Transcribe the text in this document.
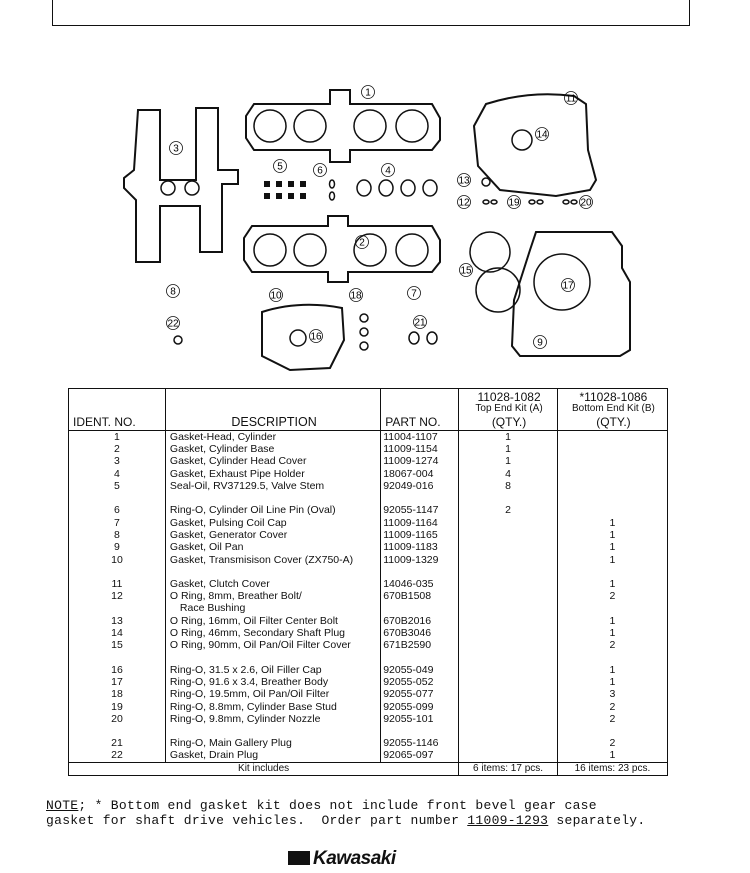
1
2
3
4
5	6
7
8
9
10
11
12
13
14
15
16
17
18
19	20
21
22
IDENT. NO.	DESCRIPTION	PART NO.	11028-1082
Top End Kit (A)
(QTY.)	*11028-1086
Bottom End Kit (B)
(QTY.)

1	Gasket-Head, Cylinder	11004-1107	1	
2	Gasket, Cylinder Base	11009-1154	1	
3	Gasket, Cylinder Head Cover	11009-1274	1	
4	Gasket, Exhaust Pipe Holder	18067-004	4	
5	Seal-Oil, RV37129.5, Valve Stem	92049-016	8	

6	Ring-O, Cylinder Oil Line Pin (Oval)	92055-1147	2	
7	Gasket, Pulsing Coil Cap	11009-1164		1
8	Gasket, Generator Cover	11009-1165		1
9	Gasket, Oil Pan	11009-1183		1
10	Gasket, Transmisison Cover (ZX750-A)	11009-1329		1

11	Gasket, Clutch Cover	14046-035		1
12	O Ring, 8mm, Breather Bolt/
Race Bushing	670B1508		2
13	O Ring, 16mm, Oil Filter Center Bolt	670B2016		1
14	O Ring, 46mm, Secondary Shaft Plug	670B3046		1
15	O Ring, 90mm, Oil Pan/Oil Filter Cover	671B2590		2

16	Ring-O, 31.5 x 2.6, Oil Filler Cap	92055-049		1
17	Ring-O, 91.6 x 3.4, Breather Body	92055-052		1
18	Ring-O, 19.5mm, Oil Pan/Oil Filter	92055-077		3
19	Ring-O, 8.8mm, Cylinder Base Stud	92055-099		2
20	Ring-O, 9.8mm, Cylinder Nozzle	92055-101		2

21	Ring-O, Main Gallery Plug	92055-1146		2
22	Gasket, Drain Plug	92065-097		1
Kit includes			6 items: 17 pcs.	16 items: 23 pcs.
NOTE; * Bottom end gasket kit does not include front bevel gear case
gasket for shaft drive vehicles.  Order part number 11009-1293 separately.
Kawasaki
